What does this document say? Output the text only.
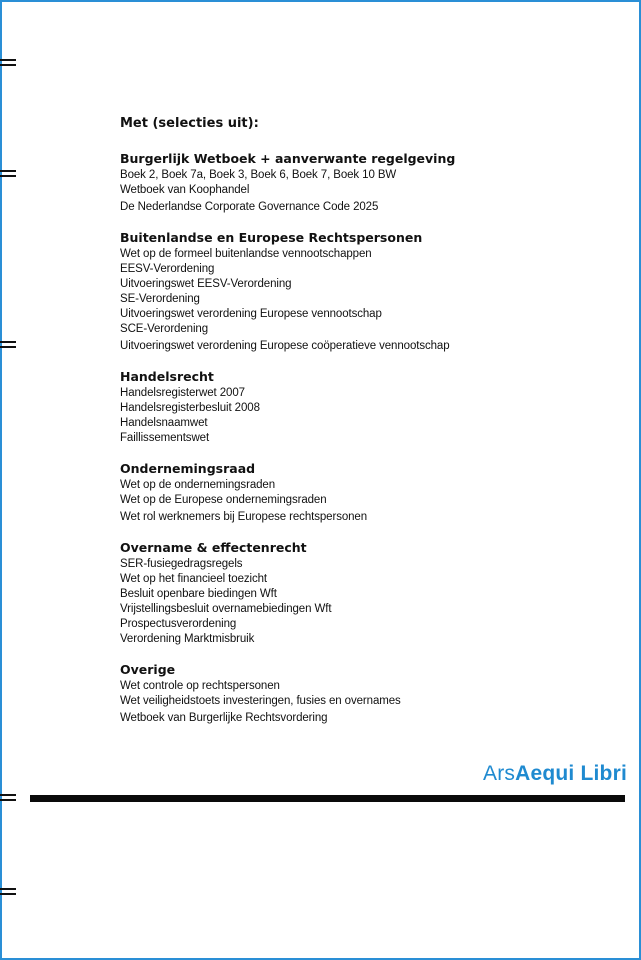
Met (selecties uit):

Burgerlijk Wetboek + aanverwante regelgeving
Boek 2, Boek 7a, Boek 3, Boek 6, Boek 7, Boek 10 BW
Wetboek van Koophandel
De Nederlandse Corporate Governance Code 2025
Buitenlandse en Europese Rechtspersonen
Wet op de formeel buitenlandse vennootschappen
EESV-Verordening
Uitvoeringswet EESV-Verordening
SE-Verordening
Uitvoeringswet verordening Europese vennootschap
SCE-Verordening
Uitvoeringswet verordening Europese coöperatieve vennootschap
Handelsrecht
Handelsregisterwet 2007
Handelsregisterbesluit 2008
Handelsnaamwet
Faillissementswet
Ondernemingsraad
Wet op de ondernemingsraden
Wet op de Europese ondernemingsraden
Wet rol werknemers bij Europese rechtspersonen
Overname & effectenrecht
SER-fusiegedragsregels
Wet op het financieel toezicht
Besluit openbare biedingen Wft
Vrijstellingsbesluit overnamebiedingen Wft
Prospectusverordening
Verordening Marktmisbruik
Overige
Wet controle op rechtspersonen
Wet veiligheidstoets investeringen, fusies en overnames
Wetboek van Burgerlijke Rechtsvordering
ArsAequi Libri
